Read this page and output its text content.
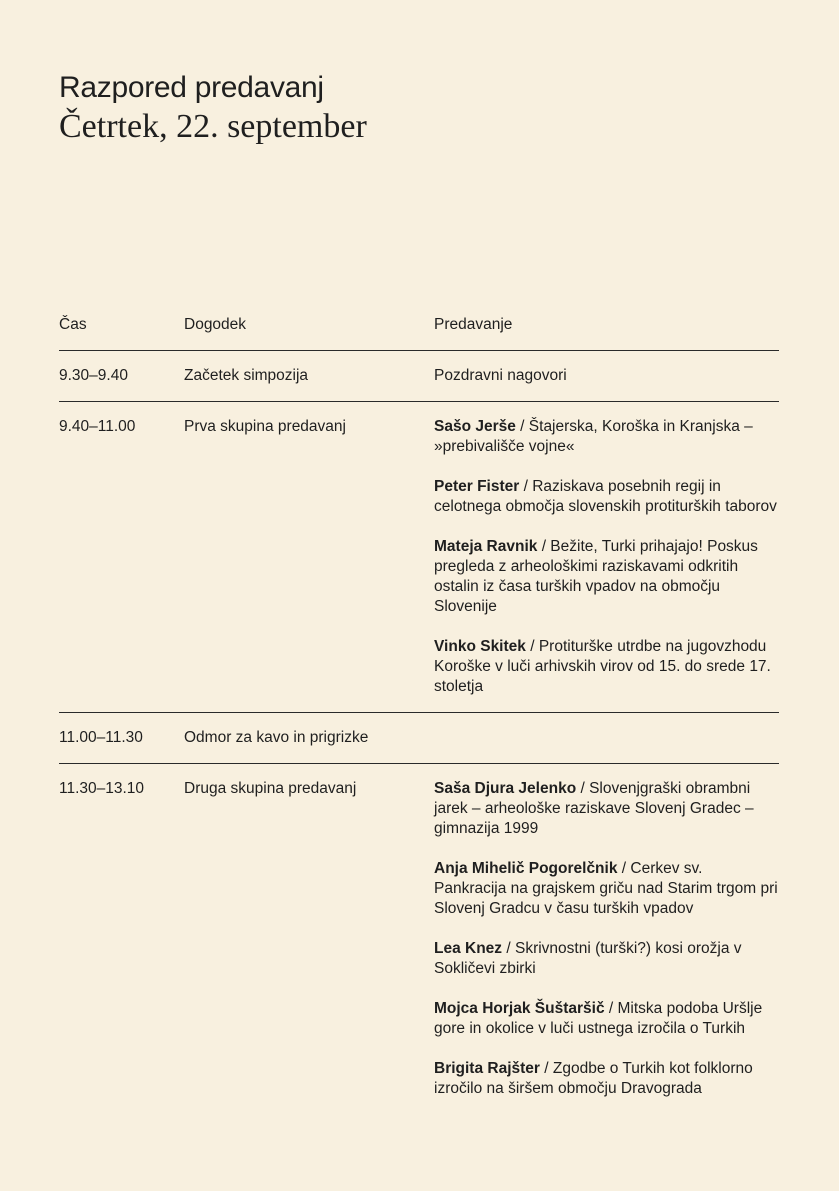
Razpored predavanj
Četrtek, 22. september
Čas	Dogodek	Predavanje
9.30–9.40	Začetek simpozija	Pozdravni nagovori
9.40–11.00	Prva skupina predavanj	Sašo Jerše / Štajerska, Koroška in Kranjska – »prebivališče vojne«

Peter Fister / Raziskava posebnih regij in celotnega območja slovenskih protiturških taborov

Mateja Ravnik / Bežite, Turki prihajajo! Poskus pregleda z arheološkimi raziskavami odkritih ostalin iz časa turških vpadov na območju Slovenije

Vinko Skitek / Protiturške utrdbe na jugovzhodu Koroške v luči arhivskih virov od 15. do srede 17. stoletja

11.00–11.30	Odmor za kavo in prigrizke
11.30–13.10	Druga skupina predavanj	Saša Djura Jelenko / Slovenjgraški obrambni jarek – arheološke raziskave Slovenj Gradec – gimnazija 1999

Anja Mihelič Pogorelčnik / Cerkev sv. Pankracija na grajskem griču nad Starim trgom pri Slovenj Gradcu v času turških vpadov

Lea Knez / Skrivnostni (turški?) kosi orožja v Sokličevi zbirki

Mojca Horjak Šuštaršič / Mitska podoba Uršlje gore in okolice v luči ustnega izročila o Turkih

Brigita Rajšter / Zgodbe o Turkih kot folklorno izročilo na širšem območju Dravograda
